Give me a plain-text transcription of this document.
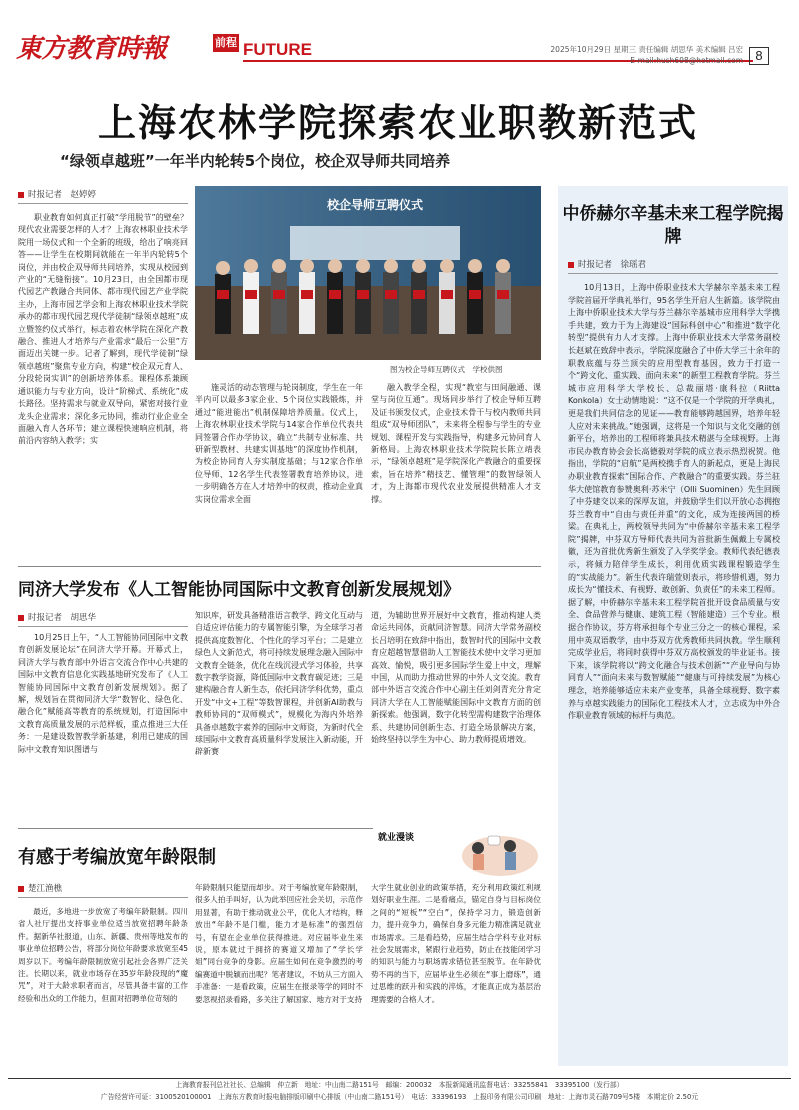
東方教育時報	前程 FUTURE	2025年10月29日 星期三 责任编辑 胡思华 美术编辑 吕宏
E-mail:hush698@hotmail.com 8
上海农林学院探索农业职教新范式
“绿领卓越班”一年半内轮转5个岗位，校企双导师共同培养
时报记者　赵婷婷

职业教育如何真正打破“学用脱节”的壁垒？现代农业需要怎样的人才？上海农林职业技术学院用一场仪式和一个全新的班级，给出了响亮回答——让学生在校期间就能在一年半内轮转5个岗位，并由校企双导师共同培养，实现从校园到产业的“无缝衔接”。10月23日，由全国都市现代园艺产教融合共同体、都市现代园艺产业学院主办，上海市园艺学会和上海农林职业技术学院承办的都市现代园艺现代学徒制“绿领卓越班”成立暨签约仪式举行，标志着农林学院在深化产教融合、推进人才培养与产业需求“最后一公里”方面迈出关键一步。记者了解到，现代学徒制“绿领卓越班”聚焦专业方向，构建“校企双元育人、分段轮岗实训”的创新培养体系。课程体系兼顾通识能力与专业方向，设计“阶梯式、系统化”成长路径。坚持需求与就业双导向，紧密对接行业龙头企业需求；深化多元协同，推动行业企业全面融入育人各环节；建立课程快速响应机制，将前沿内容纳入教学；实

校企导师互聘仪式
图为校企导师互聘仪式　学校供图

施灵活的动态管理与轮岗制度，学生在一年半内可以最多3家企业、5个岗位实践锻炼，并通过“能进能出”机制保障培养质量。仪式上，上海农林职业技术学院与14家合作单位代表共同签署合作办学协议，确立“共制专业标准、共研新型教材、共建实训基地”的深度协作机制，为校企协同育人夯实制度基础；与12家合作单位导师、12名学生代表签署教育培养协议，进一步明确各方在人才培养中的权责，推动企业真实岗位需求全面

融入教学全程，实现“教室与田间融通、课堂与岗位互通”。现场同步举行了校企导师互聘及证书颁发仪式，企业技术骨干与校内教师共同组成“双导师团队”，未来将全程参与学生的专业规划、课程开发与实践指导，构建多元协同育人新格局。上海农林职业技术学院院长陈立靖表示，“绿领卓越班”是学院深化产教融合的重要探索，旨在培养“精技艺、懂管理”的数智绿领人才，为上海都市现代农业发展提供精准人才支撑。

中侨赫尔辛基未来工程学院揭牌
时报记者　徐瑶君

10月13日，上海中侨职业技术大学赫尔辛基未来工程学院首届开学典礼举行，95名学生开启人生新篇。该学院由上海中侨职业技术大学与芬兰赫尔辛基城市应用科学大学携手共建，致力于为上海建设“国际科创中心”和推进“数字化转型”提供有力人才支撑。上海中侨职业技术大学常务副校长赵斌在致辞中表示，学院深度融合了中侨大学三十余年的职教底蕴与芬兰顶尖的应用型教育基因，致力于打造一个“跨文化、重实践、面向未来”的新型工程教育学院。芬兰城市应用科学大学校长、总裁丽塔·康科拉（Riitta Konkola）女士动情地说：“这不仅是一个学院的开学典礼，更是我们共同信念的见证——教育能够跨越国界，培养年轻人应对未来挑战。”她强调，这将是一个知识与文化交融的创新平台，培养出的工程师将兼具技术精湛与全球视野。上海市民办教育协会会长高德毅对学院的成立表示热烈祝贺。他指出，学院的“启航”是两校携手育人的新起点，更是上海民办职业教育探索“国际合作、产教融合”的重要实践。芬兰驻华大使馆教育参赞奥利·苏米宁（Olli Suominen）先生回顾了中芬建交以来的深厚友谊，并鼓励学生们以开放心态拥抱芬兰教育中“自由与责任并重”的文化，成为连接两国的桥梁。在典礼上，两校领导共同为“中侨赫尔辛基未来工程学院”揭牌，中芬双方导师代表共同为首批新生佩戴上专属校徽，还为首批优秀新生颁发了入学奖学金。教师代表纪德表示，将倾力陪伴学生成长，利用优质实践课程锻造学生的“实战能力”。新生代表许瑞萱则表示，将珍惜机遇，努力成长为“懂技术、有视野、敢创新、负责任”的未来工程师。据了解，中侨赫尔辛基未来工程学院首批开设食品质量与安全、食品营养与健康、建筑工程（智能建造）三个专业。根据合作协议，芬方将承担每个专业三分之一的核心课程，采用中英双语教学，由中芬双方优秀教师共同执教。学生顺利完成学业后，将同时获得中芬双方高校颁发的毕业证书。接下来，该学院将以“跨文化融合与技术创新”“产业导向与协同育人”“面向未来与数智赋能”“健康与可持续发展”为核心理念，培养能够适应未来产业变革，具备全球视野、数字素养与卓越实践能力的国际化工程技术人才，立志成为中外合作职业教育领域的标杆与典范。

同济大学发布《人工智能协同国际中文教育创新发展规划》
时报记者　胡思华

10月25日上午，“人工智能协同国际中文教育创新发展论坛”在同济大学开幕。开幕式上，同济大学与教育部中外语言交流合作中心共建的国际中文教育信息化实践基地研究发布了《人工智能协同国际中文教育创新发展规划》。据了解，规划旨在贯彻同济大学“数智化、绿色化、融合化”赋能高等教育的系统规划，打造国际中文教育高质量发展的示范样板，重点推进三大任务：一是建设数智教学新基建，利用已建成的国际中文教育知识图谱与

知识库，研发具备精准语言教学、跨文化互动与自适应评估能力的专属智能引擎，为全球学习者提供高度数智化、个性化的学习平台；二是建立绿色人文新范式，将可持续发展理念融入国际中文教育全链条，优化在线沉浸式学习体验，共享数字教学资源，降低国际中文教育碳足迹；三是建构融合育人新生态，依托同济学科优势，重点开发“中文+工程”等数智课程，并创新AI助教与教师协同的“双师模式”，规模化为海内外培养具备卓越数字素养的国际中文师资，为新时代全球国际中文教育高质量科学发展注入新动能，开辟新赛

道，为辅助世界开展好中文教育，推动构建人类命运共同体，贡献同济智慧。同济大学常务副校长吕培明在致辞中指出，数智时代的国际中文教育应超越智慧借助人工智能技术使中文学习更加高效、愉悦，吸引更多国际学生爱上中文，理解中国，从而助力推动世界的中外人文交流。教育部中外语言交流合作中心副主任刘剑青充分肯定同济大学在人工智能赋能国际中文教育方面的创新探索。他强调，数字化转型需构建数字治理体系、共建协同创新生态、打造全场景解决方案，始终坚持以学生为中心、助力教师提质增效。

有感于考编放宽年龄限制
就业漫谈
楚江渔樵

最近，多地进一步放宽了考编年龄限制。四川省人社厅提出支持事业单位适当放宽招聘年龄条件。据新华社报道，山东、新疆、贵州等地发布的事业单位招聘公告，将部分岗位年龄要求放宽至45周岁以下。考编年龄限制放宽引起社会各界广泛关注。长期以来，就业市场存在35岁年龄段现的“魔咒”，对于大龄求职者而言，尽管具备丰富的工作经验和出众的工作能力，但面对招聘单位苛刻的

年龄限制只能望而却步。对于考编放宽年龄限制，很多人拍手叫好，认为此举回应社会关切，示范作用显著，有助于推动就业公平，优化人才结构，释放出“年龄不是门槛，能力才是标准”的强烈信号，有望在企业单位获得推进。对应届毕业生来说，原本就过于拥挤的赛道又增加了“学长学姐”同台竞争的身影。应届生如何在竞争激烈的考编赛道中脱颖而出呢？笔者建议，不妨从三方面入手准备：一是看政策，应届生在报录等学的同时不要忽视招录看路，多关注了解国家、地方对于支持

大学生就业创业的政策举措，充分利用政策红利规划好职业生涯。二是看痛点，锚定自身与目标岗位之间的“短板”“空白”，保持学习力，锻造创新力，提升竞争力，确保自身多元能力精准满足就业市场需求。三是看趋势，应届生结合学科专业对标社会发展需求，紧跟行业趋势，防止在技能闭学习的知识与能力与职场需求错位甚至脱节。在年龄优势不再的当下，应届毕业生必须在“事上磨练”，通过思维的跃升和实践的淬炼，才能真正成为基层治理需要的合格人才。

上海教育报刊总社社长、总编辑　仲立新　地址：中山南二路151号　邮编：200032　本报新闻通讯监督电话：33255841　33395100（发行部）
广告经营许可证：3100520100001　上海东方教育时报电脑排版印刷中心排版（中山南二路151号）　电话：33396193　上报印务有限公司印刷　地址：上海市灵石路709号5楼　本期定价 2.50元
